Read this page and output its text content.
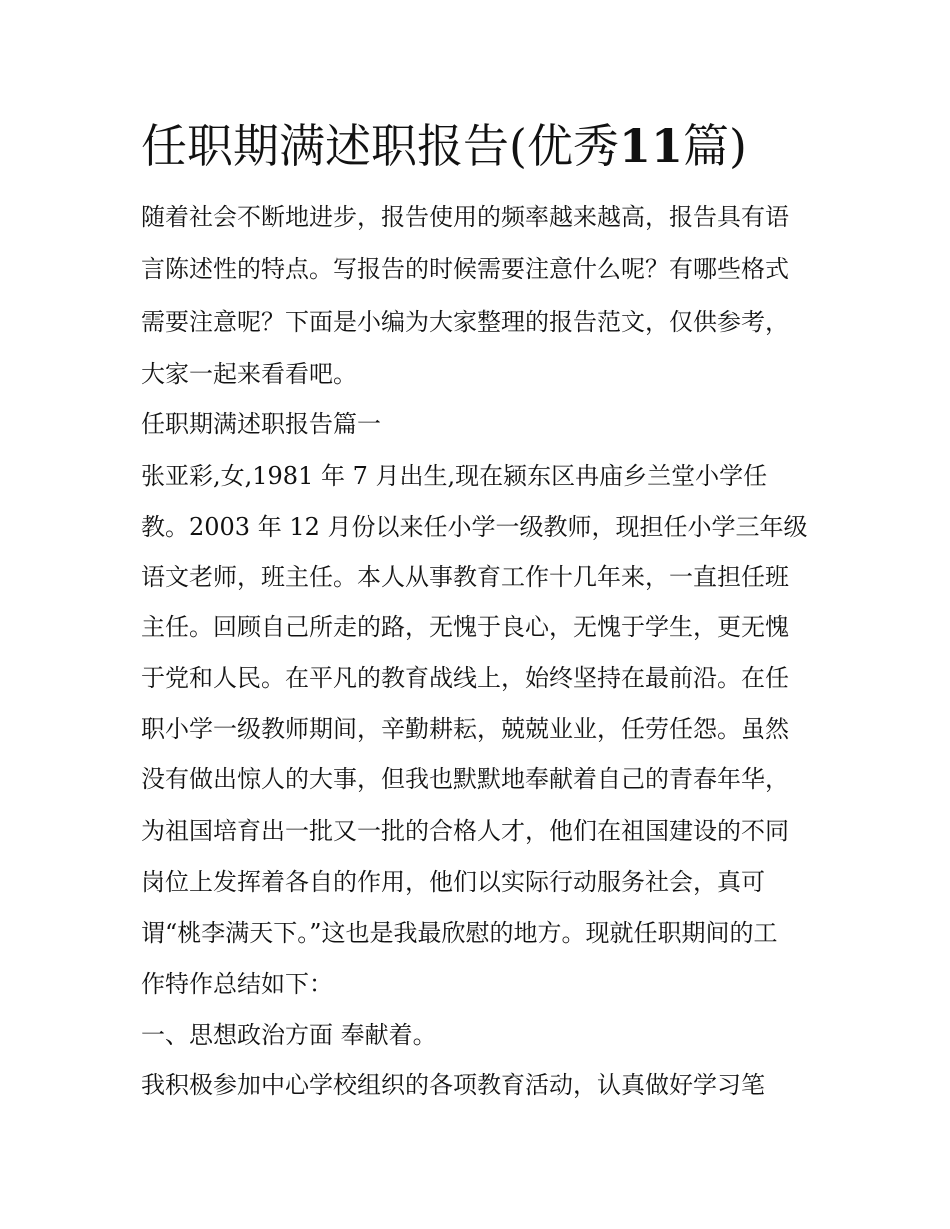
任职期满述职报告(优秀11篇)

随着社会不断地进步，报告使用的频率越来越高，报告具有语

言陈述性的特点。写报告的时候需要注意什么呢？有哪些格式

需要注意呢？下面是小编为大家整理的报告范文，仅供参考，

大家一起来看看吧。

任职期满述职报告篇一

张亚彩,女,1981 年 7 月出生,现在颍东区冉庙乡兰堂小学任

教。2003 年 12 月份以来任小学一级教师，现担任小学三年级

语文老师，班主任。本人从事教育工作十几年来，一直担任班

主任。回顾自己所走的路，无愧于良心，无愧于学生，更无愧

于党和人民。在平凡的教育战线上，始终坚持在最前沿。在任

职小学一级教师期间，辛勤耕耘，兢兢业业，任劳任怨。虽然

没有做出惊人的大事，但我也默默地奉献着自己的青春年华，

为祖国培育出一批又一批的合格人才，他们在祖国建设的不同

岗位上发挥着各自的作用，他们以实际行动服务社会，真可

谓“桃李满天下。”这也是我最欣慰的地方。现就任职期间的工

作特作总结如下：

一、思想政治方面 奉献着。

我积极参加中心学校组织的各项教育活动，认真做好学习笔
